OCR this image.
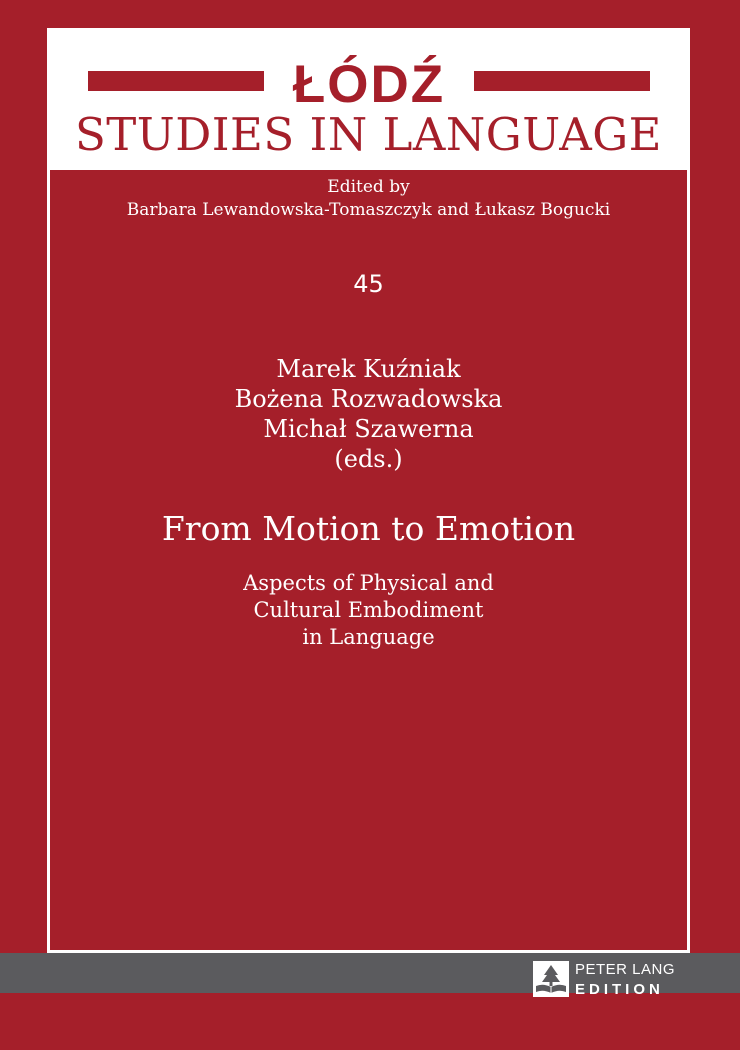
ŁÓDŹ
STUDIES IN LANGUAGE
Edited by
Barbara Lewandowska-Tomaszczyk and Łukasz Bogucki
45
Marek Kuźniak
Bożena Rozwadowska
Michał Szawerna
(eds.)
From Motion to Emotion
Aspects of Physical and
Cultural Embodiment
in Language
PETER LANG
EDITION
